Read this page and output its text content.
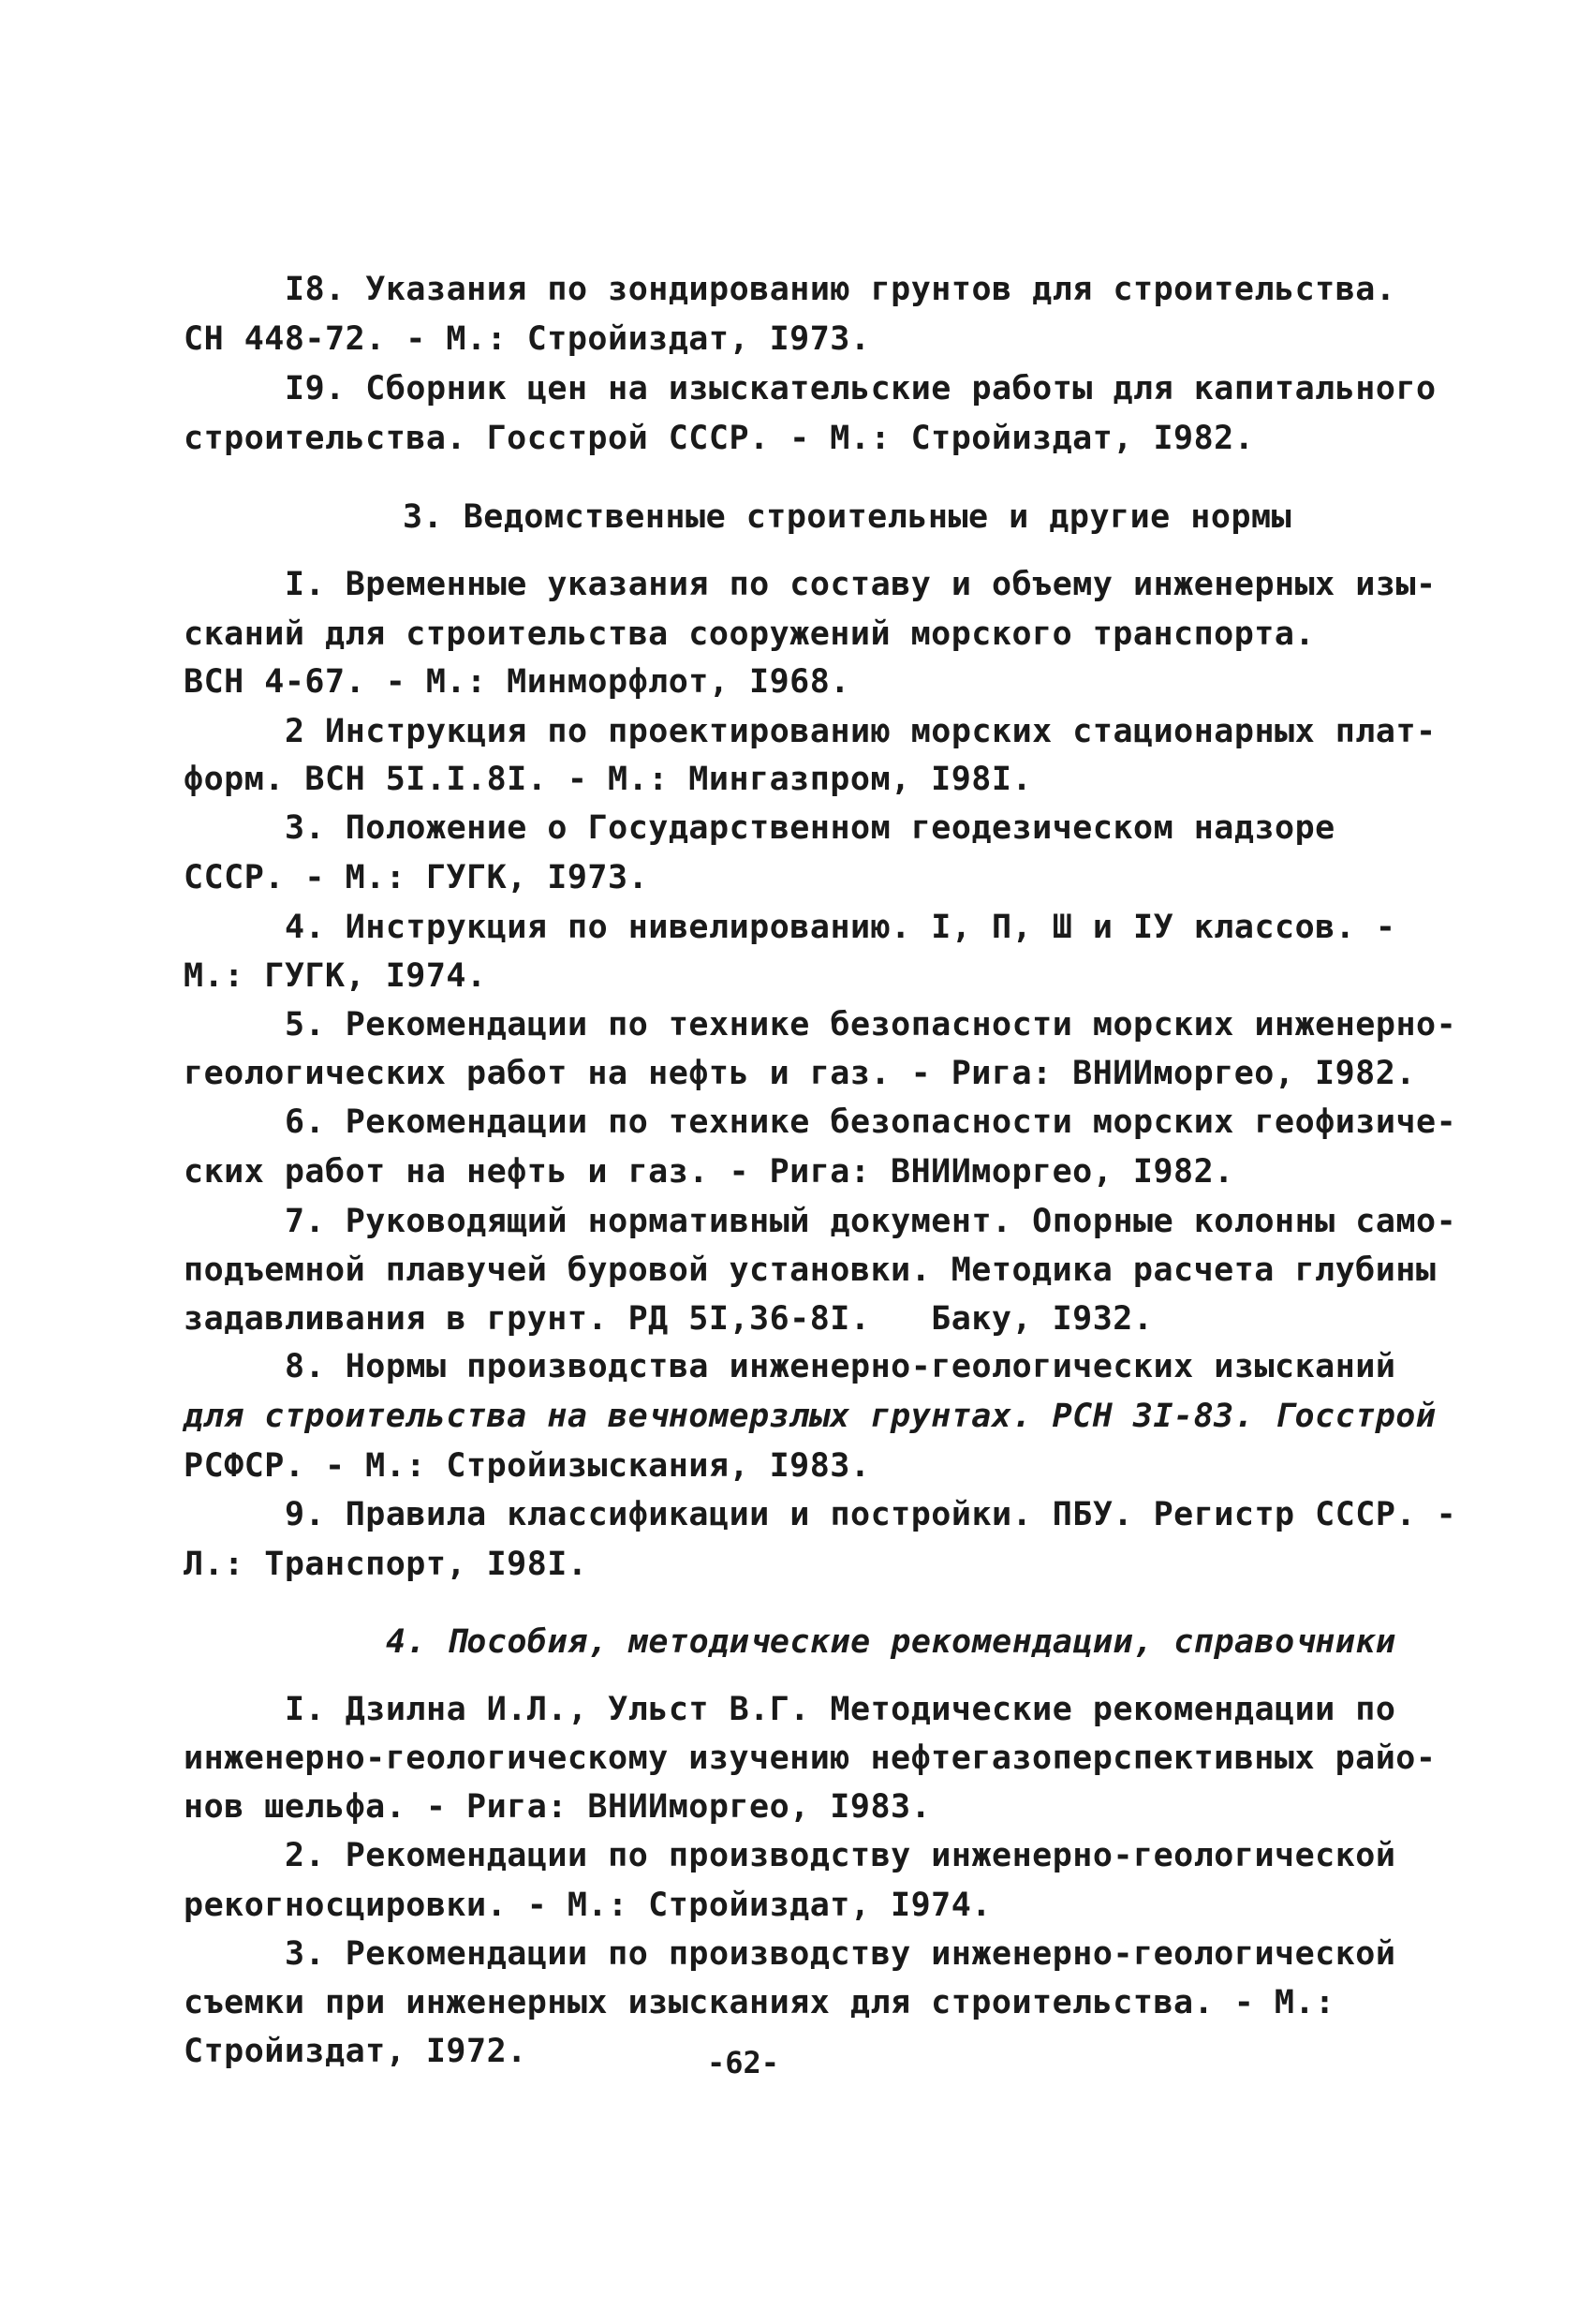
I8. Указания по зондированию грунтов для строительства.
СН 448-72. - М.: Стройиздат, I973.
I9. Сборник цен на изыскательские работы для капитального
строительства. Госстрой СССР. - М.: Стройиздат, I982.
3. Ведомственные строительные и другие нормы
I. Временные указания по составу и объему инженерных изы-
сканий для строительства сооружений морского транспорта.
ВСН 4-67. - М.: Минморфлот, I968.
2 Инструкция по проектированию морских стационарных плат-
форм. ВСН 5I.I.8I. - М.: Мингазпром, I98I.
3. Положение о Государственном геодезическом надзоре
СССР. - М.: ГУГК, I973.
4. Инструкция по нивелированию. I, П, Ш и IУ классов. -
М.: ГУГК, I974.
5. Рекомендации по технике безопасности морских инженерно-
геологических работ на нефть и газ. - Рига: ВНИИморгео, I982.
6. Рекомендации по технике безопасности морских геофизиче-
ских работ на нефть и газ. - Рига: ВНИИморгео, I982.
7. Руководящий нормативный документ. Опорные колонны само-
подъемной плавучей буровой установки. Методика расчета глубины
задавливания в грунт. РД 5I,36-8I.   Баку, I932.
8. Нормы производства инженерно-геологических изысканий
для строительства на вечномерзлых грунтах. РСН 3I-83. Госстрой
РСФСР. - М.: Стройизыскания, I983.
9. Правила классификации и постройки. ПБУ. Регистр СССР. -
Л.: Транспорт, I98I.
4. Пособия, методические рекомендации, справочники
I. Дзилна И.Л., Ульст В.Г. Методические рекомендации по
инженерно-геологическому изучению нефтегазоперспективных райо-
нов шельфа. - Рига: ВНИИморгео, I983.
2. Рекомендации по производству инженерно-геологической
рекогносцировки. - М.: Стройиздат, I974.
3. Рекомендации по производству инженерно-геологической
съемки при инженерных изысканиях для строительства. - М.:
Стройиздат, I972.	-62-
